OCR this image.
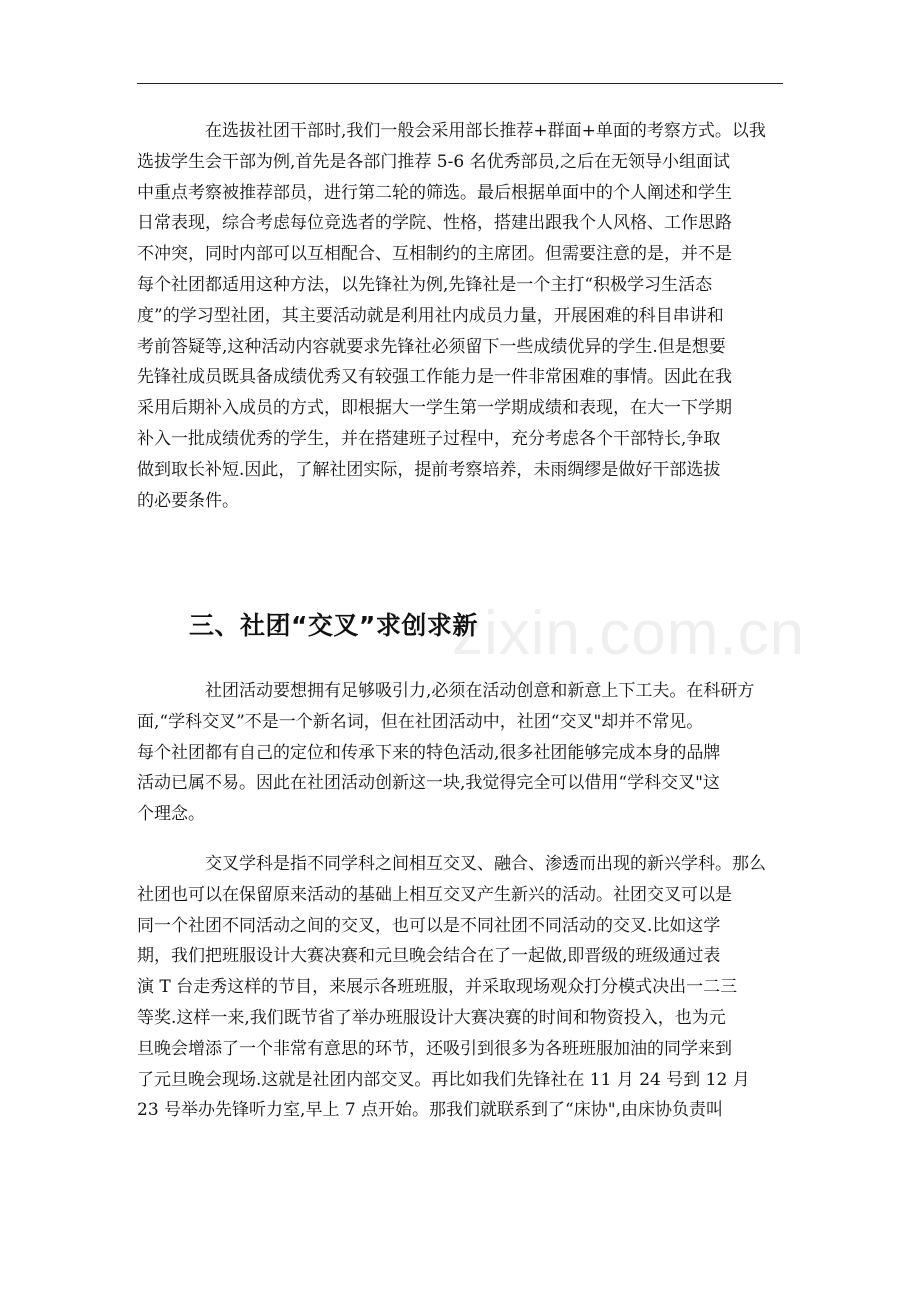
在选拔社团干部时,我们一般会采用部长推荐+群面+单面的考察方式。以我
选拔学生会干部为例,首先是各部门推荐 5-6 名优秀部员,之后在无领导小组面试
中重点考察被推荐部员，进行第二轮的筛选。最后根据单面中的个人阐述和学生
日常表现，综合考虑每位竞选者的学院、性格，搭建出跟我个人风格、工作思路
不冲突，同时内部可以互相配合、互相制约的主席团。但需要注意的是，并不是
每个社团都适用这种方法，以先锋社为例,先锋社是一个主打“积极学习生活态
度”的学习型社团，其主要活动就是利用社内成员力量，开展困难的科目串讲和
考前答疑等,这种活动内容就要求先锋社必须留下一些成绩优异的学生.但是想要
先锋社成员既具备成绩优秀又有较强工作能力是一件非常困难的事情。因此在我
采用后期补入成员的方式，即根据大一学生第一学期成绩和表现，在大一下学期
补入一批成绩优秀的学生，并在搭建班子过程中，充分考虑各个干部特长,争取
做到取长补短.因此，了解社团实际，提前考察培养，未雨绸缪是做好干部选拔
的必要条件。
zixin.com.cn
三、社团“交叉”求创求新
社团活动要想拥有足够吸引力,必须在活动创意和新意上下工夫。在科研方
面,“学科交叉”不是一个新名词，但在社团活动中，社团“交叉"却并不常见。
每个社团都有自己的定位和传承下来的特色活动,很多社团能够完成本身的品牌
活动已属不易。因此在社团活动创新这一块,我觉得完全可以借用“学科交叉"这
个理念。
交叉学科是指不同学科之间相互交叉、融合、渗透而出现的新兴学科。那么
社团也可以在保留原来活动的基础上相互交叉产生新兴的活动。社团交叉可以是
同一个社团不同活动之间的交叉，也可以是不同社团不同活动的交叉.比如这学
期，我们把班服设计大赛决赛和元旦晚会结合在了一起做,即晋级的班级通过表
演 T 台走秀这样的节目，来展示各班班服，并采取现场观众打分模式决出一二三
等奖.这样一来,我们既节省了举办班服设计大赛决赛的时间和物资投入，也为元
旦晚会增添了一个非常有意思的环节，还吸引到很多为各班班服加油的同学来到
了元旦晚会现场.这就是社团内部交叉。再比如我们先锋社在 11 月 24 号到 12 月
23 号举办先锋听力室,早上 7 点开始。那我们就联系到了“床协",由床协负责叫
